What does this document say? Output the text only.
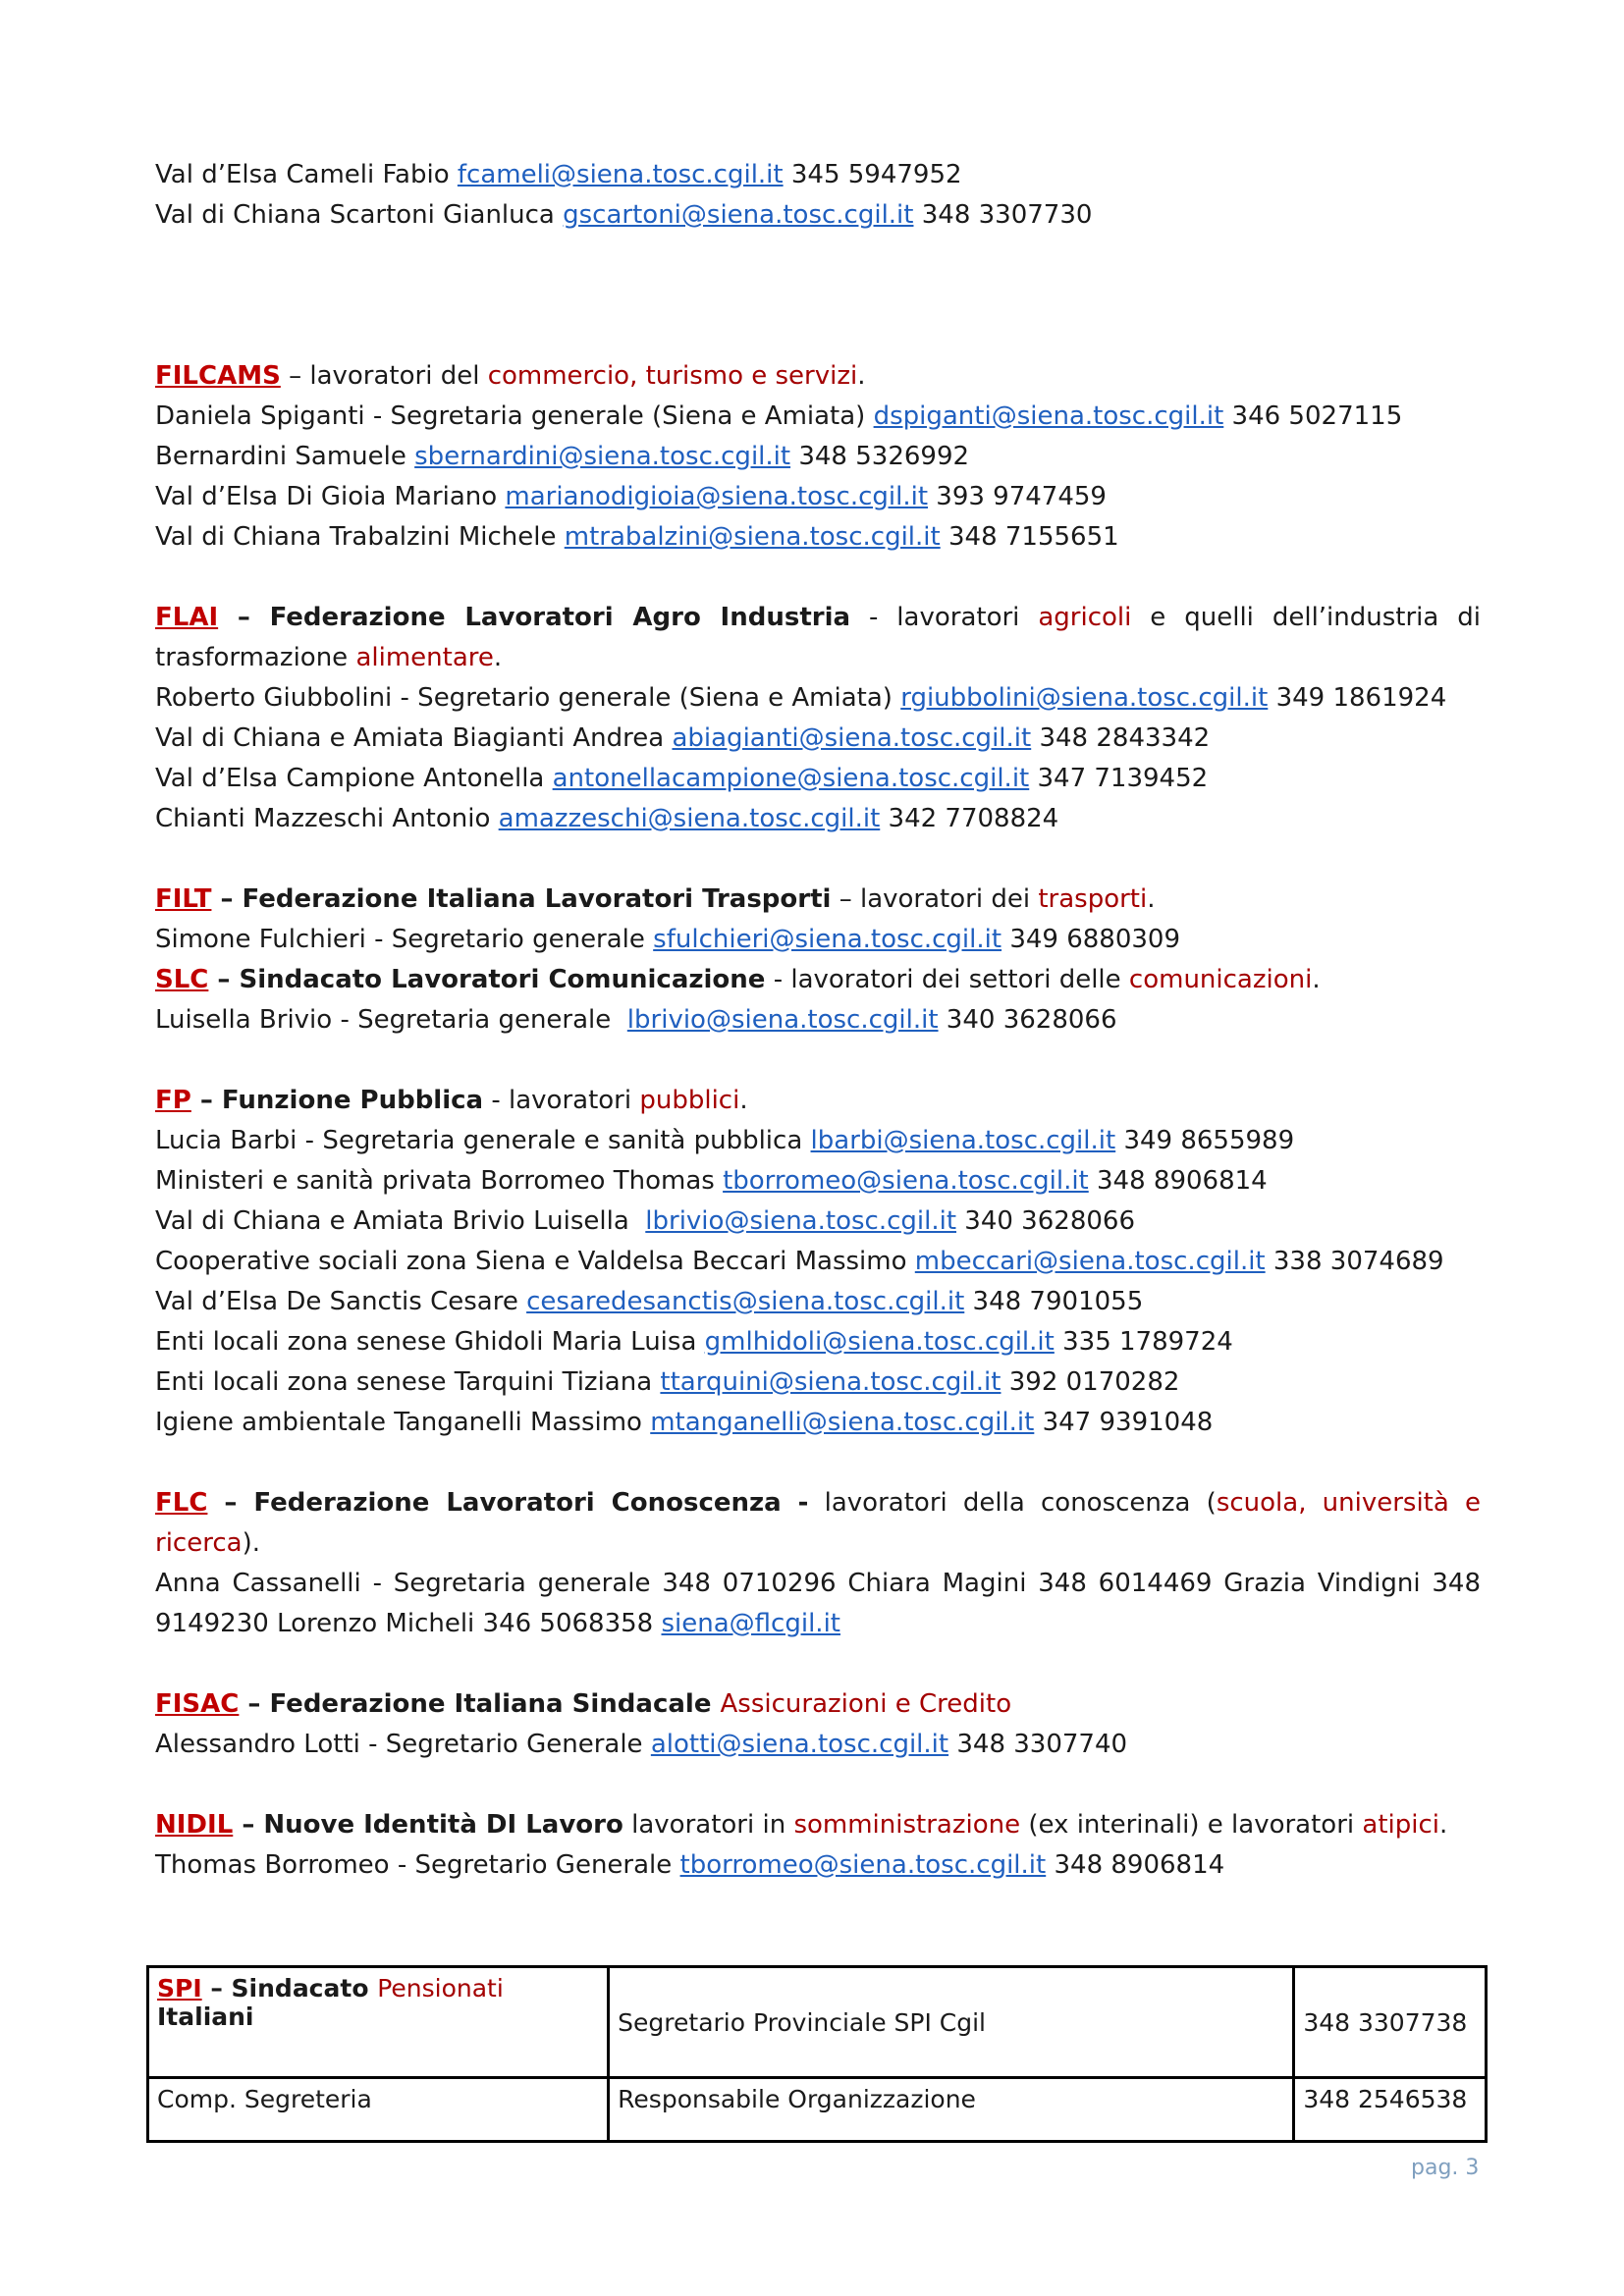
Val d’Elsa Cameli Fabio fcameli@siena.tosc.cgil.it 345 5947952
Val di Chiana Scartoni Gianluca gscartoni@siena.tosc.cgil.it 348 3307730
FILCAMS – lavoratori del commercio, turismo e servizi.
Daniela Spiganti - Segretaria generale (Siena e Amiata) dspiganti@siena.tosc.cgil.it 346 5027115
Bernardini Samuele sbernardini@siena.tosc.cgil.it 348 5326992
Val d’Elsa Di Gioia Mariano marianodigioia@siena.tosc.cgil.it 393 9747459
Val di Chiana Trabalzini Michele mtrabalzini@siena.tosc.cgil.it 348 7155651
FLAI – Federazione Lavoratori Agro Industria - lavoratori agricoli e quelli dell’industria di trasformazione alimentare.
Roberto Giubbolini - Segretario generale (Siena e Amiata) rgiubbolini@siena.tosc.cgil.it 349 1861924
Val di Chiana e Amiata Biagianti Andrea abiagianti@siena.tosc.cgil.it 348 2843342
Val d’Elsa Campione Antonella antonellacampione@siena.tosc.cgil.it 347 7139452
Chianti Mazzeschi Antonio amazzeschi@siena.tosc.cgil.it 342 7708824
FILT – Federazione Italiana Lavoratori Trasporti – lavoratori dei trasporti.
Simone Fulchieri - Segretario generale sfulchieri@siena.tosc.cgil.it 349 6880309
SLC – Sindacato Lavoratori Comunicazione - lavoratori dei settori delle comunicazioni.
Luisella Brivio - Segretaria generale  lbrivio@siena.tosc.cgil.it 340 3628066
FP – Funzione Pubblica - lavoratori pubblici.
Lucia Barbi - Segretaria generale e sanità pubblica lbarbi@siena.tosc.cgil.it 349 8655989
Ministeri e sanità privata Borromeo Thomas tborromeo@siena.tosc.cgil.it 348 8906814
Val di Chiana e Amiata Brivio Luisella  lbrivio@siena.tosc.cgil.it 340 3628066
Cooperative sociali zona Siena e Valdelsa Beccari Massimo mbeccari@siena.tosc.cgil.it 338 3074689
Val d’Elsa De Sanctis Cesare cesaredesanctis@siena.tosc.cgil.it 348 7901055
Enti locali zona senese Ghidoli Maria Luisa gmlhidoli@siena.tosc.cgil.it 335 1789724
Enti locali zona senese Tarquini Tiziana ttarquini@siena.tosc.cgil.it 392 0170282
Igiene ambientale Tanganelli Massimo mtanganelli@siena.tosc.cgil.it 347 9391048
FLC – Federazione Lavoratori Conoscenza - lavoratori della conoscenza (scuola, università e ricerca).
Anna Cassanelli - Segretaria generale 348 0710296 Chiara Magini 348 6014469 Grazia Vindigni 348 9149230 Lorenzo Micheli 346 5068358 siena@flcgil.it
FISAC – Federazione Italiana Sindacale Assicurazioni e Credito
Alessandro Lotti - Segretario Generale alotti@siena.tosc.cgil.it 348 3307740
NIDIL – Nuove Identità DI Lavoro lavoratori in somministrazione (ex interinali) e lavoratori atipici.
Thomas Borromeo - Segretario Generale tborromeo@siena.tosc.cgil.it 348 8906814
SPI – Sindacato Pensionati
Italiani	Segretario Provinciale SPI Cgil	348 3307738
Comp. Segreteria	Responsabile Organizzazione	348 2546538
pag. 3
